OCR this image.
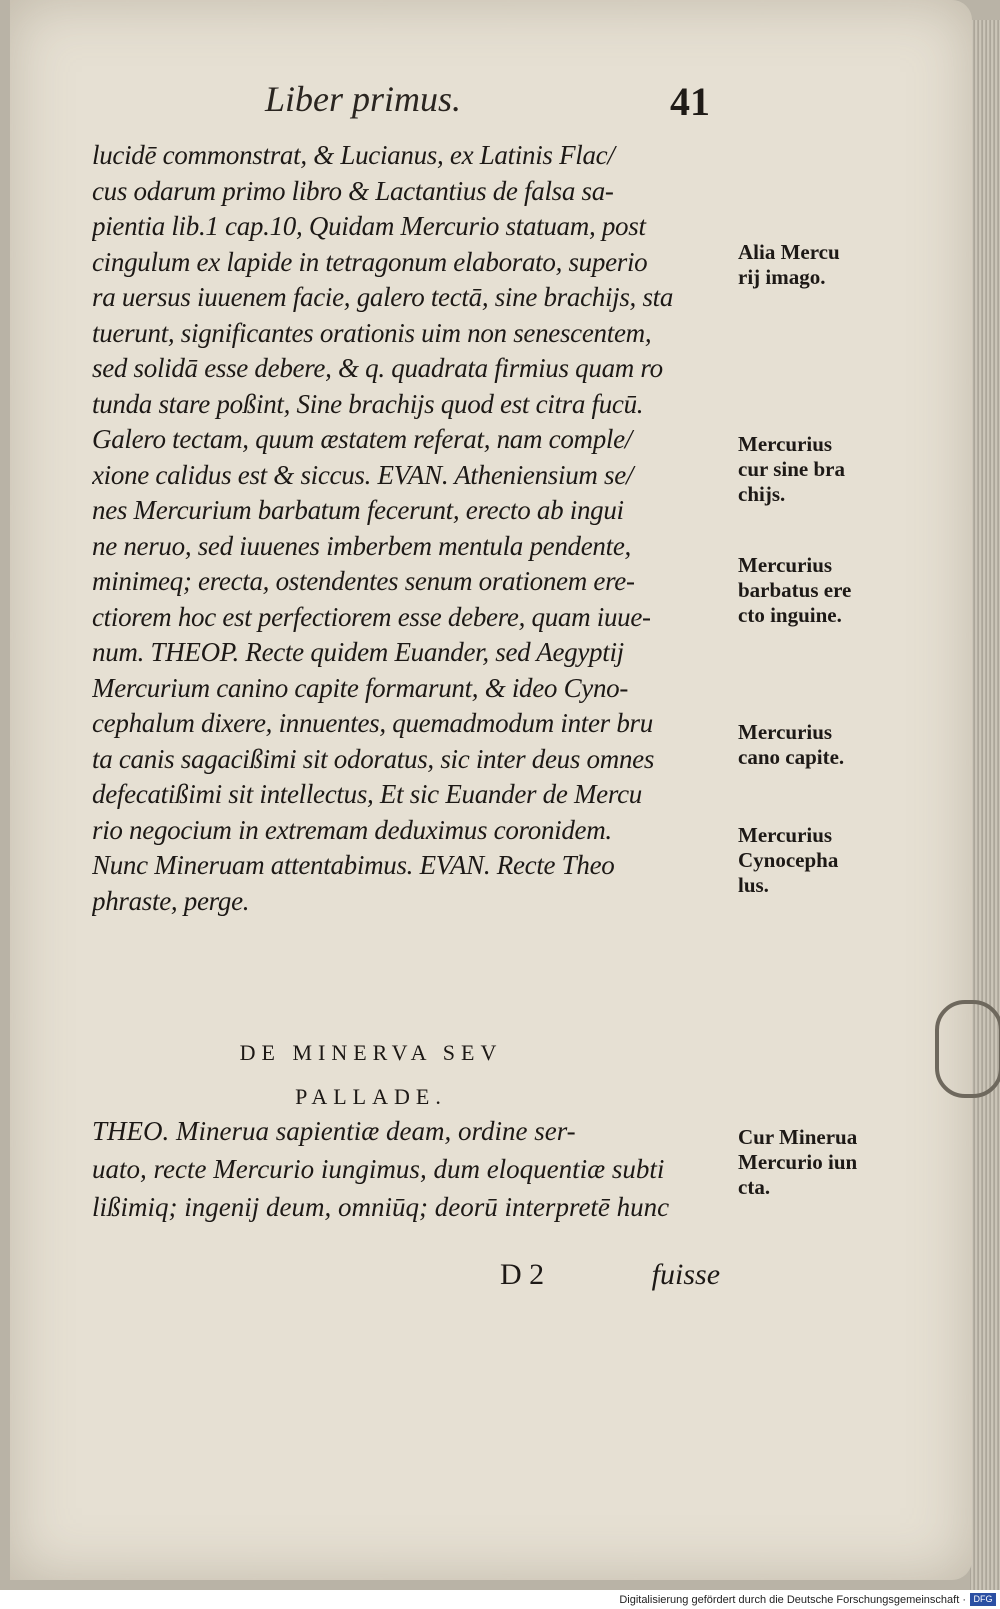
Liber primus.	41
lucidē commonstrat, & Lucianus, ex Latinis Flac/
cus odarum primo libro & Lactantius de falsa sa-
pientia lib.1 cap.10, Quidam Mercurio statuam, post
cingulum ex lapide in tetragonum elaborato, superio
ra uersus iuuenem facie, galero tectā, sine brachijs, sta
tuerunt, significantes orationis uim non senescentem,
sed solidā esse debere, & q. quadrata firmius quam ro
tunda stare poßint, Sine brachijs quod est citra fucū.
Galero tectam, quum æstatem referat, nam comple/
xione calidus est & siccus. EVAN. Atheniensium se/
nes Mercurium barbatum fecerunt, erecto ab ingui
ne neruo, sed iuuenes imberbem mentula pendente,
minimeq; erecta, ostendentes senum orationem ere-
ctiorem hoc est perfectiorem esse debere, quam iuue-
num. THEOP. Recte quidem Euander, sed Aegyptij
Mercurium canino capite formarunt, & ideo Cyno-
cephalum dixere, innuentes, quemadmodum inter bru
ta canis sagacißimi sit odoratus, sic inter deus omnes
defecatißimi sit intellectus, Et sic Euander de Mercu
rio negocium in extremam deduximus coronidem.
Nunc Mineruam attentabimus. EVAN. Recte Theo
phraste, perge.
DE MINERVA SEV
PALLADE.
THEO. Minerua sapientiæ deam, ordine ser-
uato, recte Mercurio iungimus, dum eloquentiæ subti
lißimiq; ingenij deum, omniūq; deorū interpretē hunc
D 2	fuisse
Alia Mercu
rij imago.
Mercurius
cur sine bra
chijs.
Mercurius
barbatus ere
cto inguine.
Mercurius
cano capite.
Mercurius
Cynocepha
lus.
Cur Minerua
Mercurio iun
cta.
Digitalisierung gefördert durch die Deutsche Forschungsgemeinschaft · DFG
